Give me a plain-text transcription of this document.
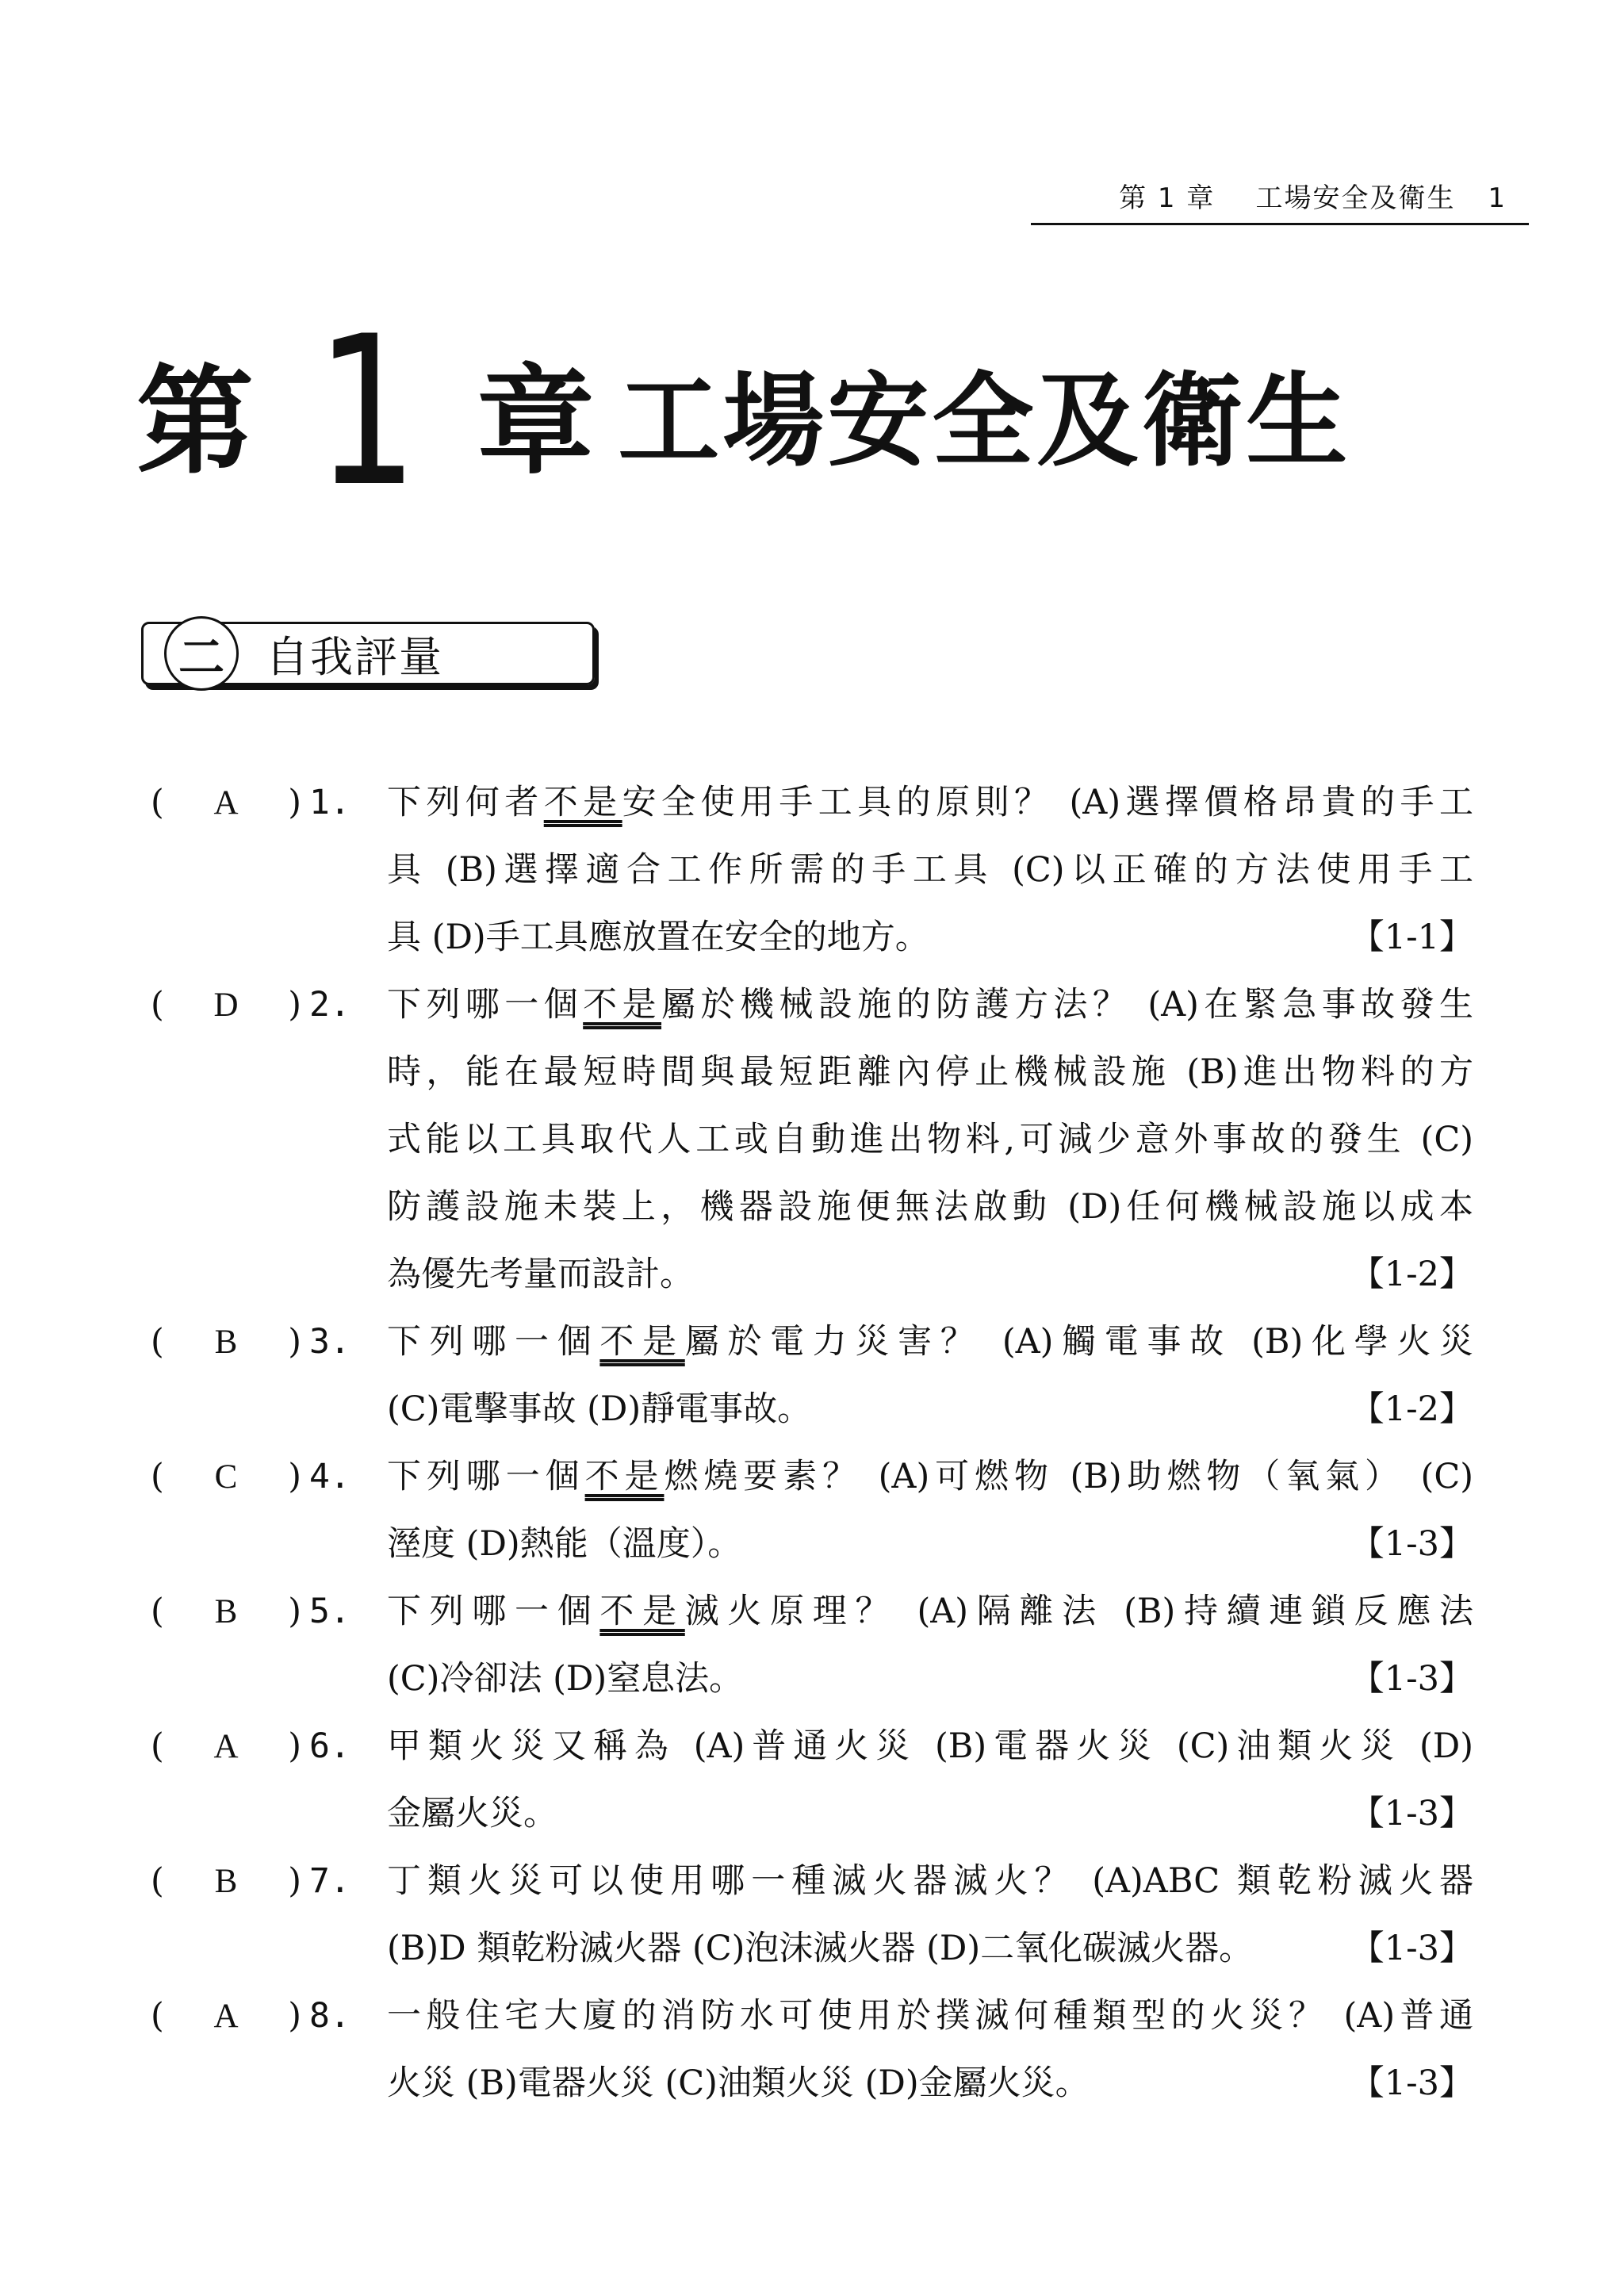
第 1 章 工場安全及衛生 1
第 1 章 工場安全及衛生
二 自我評量
( A ) 1. 下列何者不是安全使用手工具的原則？ (A)選擇價格昂貴的手工
具 (B)選擇適合工作所需的手工具 (C)以正確的方法使用手工
具 (D)手工具應放置在安全的地方。	【1-1】
( D ) 2. 下列哪一個不是屬於機械設施的防護方法？ (A)在緊急事故發生
時，能在最短時間與最短距離內停止機械設施 (B)進出物料的方
式能以工具取代人工或自動進出物料,可減少意外事故的發生 (C)
防護設施未裝上，機器設施便無法啟動 (D)任何機械設施以成本
為優先考量而設計。	【1-2】
( B ) 3. 下列哪一個不是屬於電力災害？ (A)觸電事故 (B)化學火災
(C)電擊事故 (D)靜電事故。	【1-2】
( C ) 4. 下列哪一個不是燃燒要素？ (A)可燃物 (B)助燃物（氧氣） (C)
溼度 (D)熱能（溫度）。	【1-3】
( B ) 5. 下列哪一個不是滅火原理？ (A)隔離法 (B)持續連鎖反應法
(C)冷卻法 (D)窒息法。	【1-3】
( A ) 6. 甲類火災又稱為 (A)普通火災 (B)電器火災 (C)油類火災 (D)
金屬火災。	【1-3】
( B ) 7. 丁類火災可以使用哪一種滅火器滅火？ (A)ABC 類乾粉滅火器
(B)D 類乾粉滅火器 (C)泡沫滅火器 (D)二氧化碳滅火器。	【1-3】
( A ) 8. 一般住宅大廈的消防水可使用於撲滅何種類型的火災？ (A)普通
火災 (B)電器火災 (C)油類火災 (D)金屬火災。	【1-3】
